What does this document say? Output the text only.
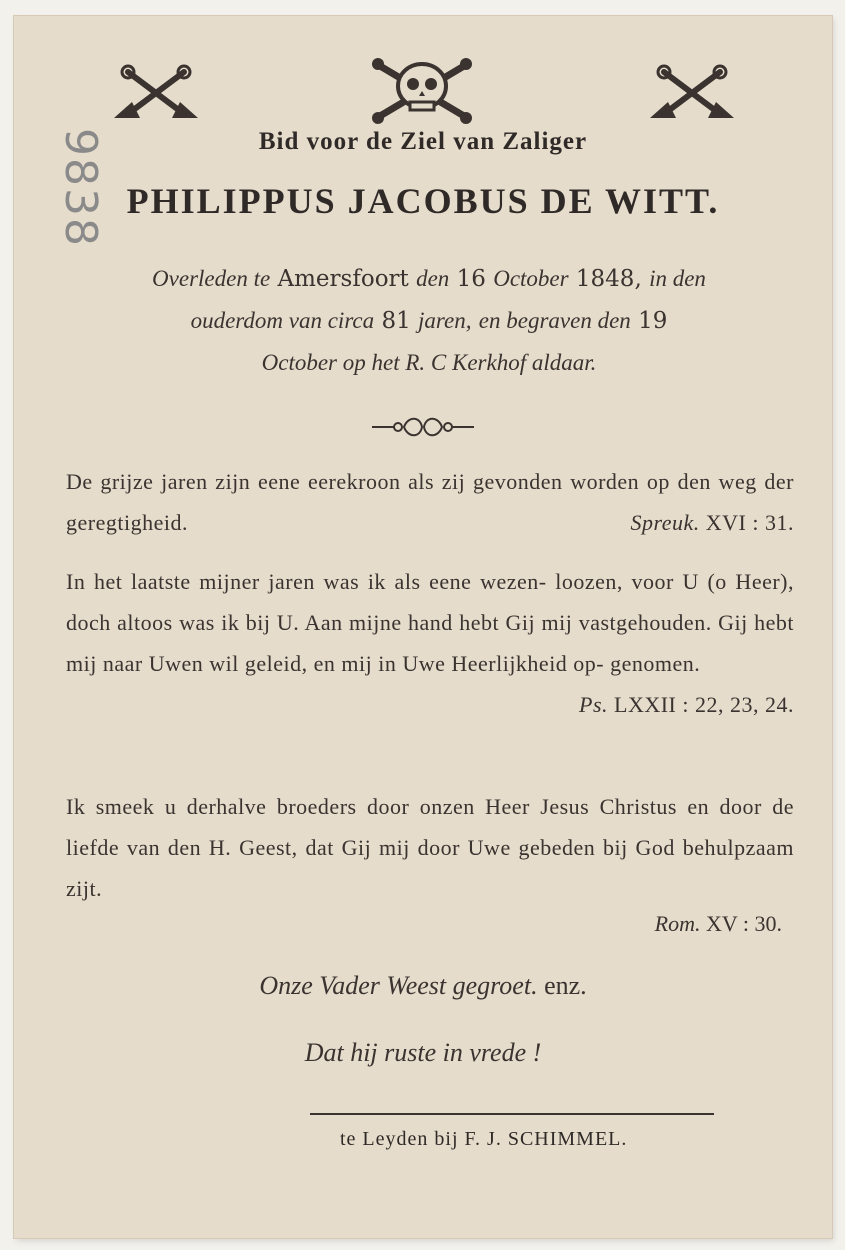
9838	Bid voor de Ziel van Zaliger
PHILIPPUS JACOBUS DE WITT.
Overleden te Amersfoort den 16 October 1848, in den
ouderdom van circa 81 jaren, en begraven den 19
October op het R. C Kerkhof aldaar.
De grijze jaren zijn eene eerekroon als zij gevonden worden op den weg der geregtigheid.	Spreuk. XVI : 31.
In het laatste mijner jaren was ik als eene wezen- loozen, voor U (o Heer), doch altoos was ik bij U. Aan mijne hand hebt Gij mij vastgehouden. Gij hebt mij naar Uwen wil geleid, en mij in Uwe Heerlijkheid op- genomen.
Ps. LXXII : 22, 23, 24.
Ik smeek u derhalve broeders door onzen Heer Jesus Christus en door de liefde van den H. Geest, dat Gij mij door Uwe gebeden bij God behulpzaam zijt.
Rom. XV : 30.
Onze Vader Weest gegroet. enz.
Dat hij ruste in vrede !
te Leyden bij F. J. SCHIMMEL.
